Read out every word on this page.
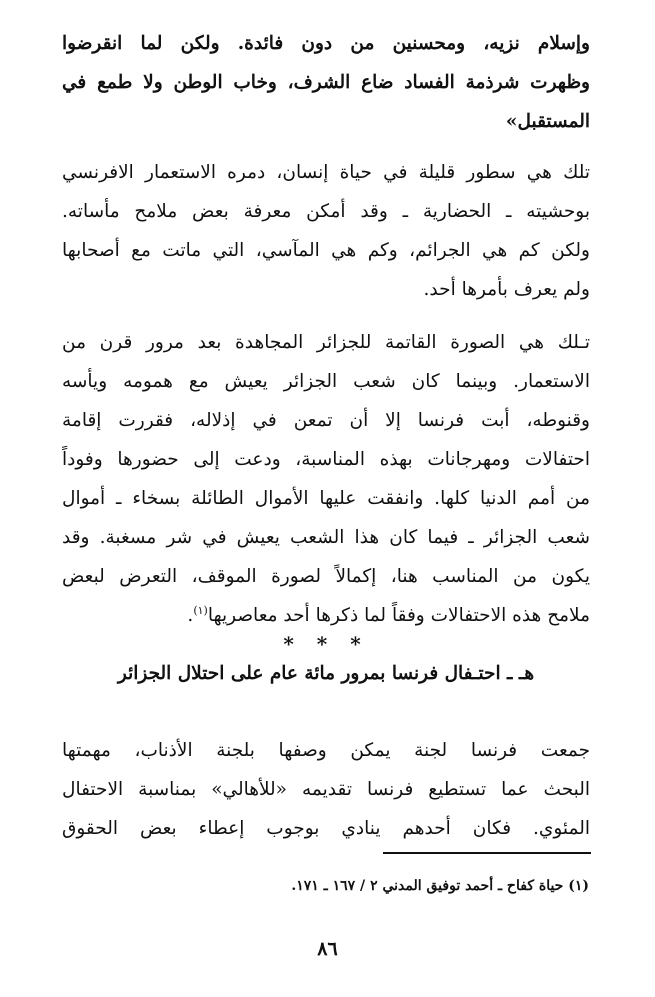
وإسلام نزيه، ومحسنين من دون فائدة. ولكن لما انقرضوا
وظهرت شرذمة الفساد ضاع الشرف، وخاب الوطن ولا طمع في
المستقبل»
تلك هي سطور قليلة في حياة إنسان، دمره الاستعمار الافرنسي
بوحشيته ـ الحضارية ـ وقد أمكن معرفة بعض ملامح مأساته.
ولكن كم هي الجرائم، وكم هي المآسي، التي ماتت مع أصحابها
ولم يعرف بأمرها أحد.
تـلك هي الصورة القاتمة للجزائر المجاهدة بعد مرور قرن من
الاستعمار. وبينما كان شعب الجزائر يعيش مع همومه ويأسه
وقنوطه، أبت فرنسا إلا أن تمعن في إذلاله، فقررت إقامة
احتفالات ومهرجانات بهذه المناسبة، ودعت إلى حضورها وفوداً
من أمم الدنيا كلها. وانفقت عليها الأموال الطائلة بسخاء ـ أموال
شعب الجزائر ـ فيما كان هذا الشعب يعيش في شر مسغبة. وقد
يكون من المناسب هنا، إكمالاً لصورة الموقف، التعرض لبعض
ملامح هذه الاحتفالات وفقاً لما ذكرها أحد معاصريها$^{(١)}$.
* * *
هـ ـ احتـفال فرنسا بمرور مائة عام على احتلال الجزائر
جمعت فرنسا لجنة يمكن وصفها بلجنة الأذناب، مهمتها
البحث عما تستطيع فرنسا تقديمه «للأهالي» بمناسبة الاحتفال
المئوي. فكان أحدهم ينادي بوجوب إعطاء بعض الحقوق
(١) حياة كفاح ـ أحمد توفيق المدني ٢ / ١٦٧ ـ ١٧١.
٨٦
